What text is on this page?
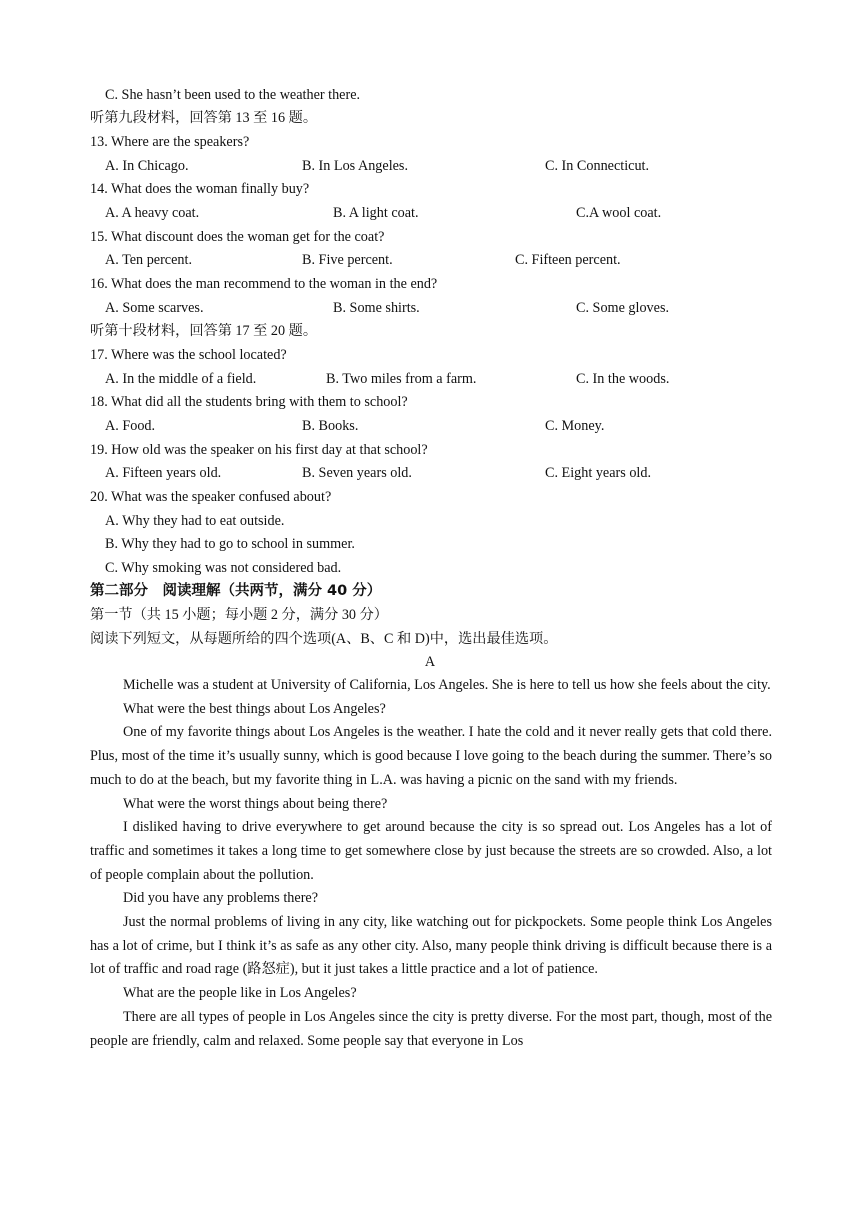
C. She hasn’t been used to the weather there.
听第九段材料，回答第 13 至 16 题。
13. Where are the speakers?
A. In Chicago.	B. In Los Angeles.	C. In Connecticut.
14. What does the woman finally buy?
A. A heavy coat.	B. A light coat.	C.A wool coat.
15. What discount does the woman get for the coat?
A. Ten percent.	B. Five percent.	C. Fifteen percent.
16. What does the man recommend to the woman in the end?
A. Some scarves.	B. Some shirts.	C. Some gloves.
听第十段材料，回答第 17 至 20 题。
17. Where was the school located?
A. In the middle of a field.	B. Two miles from a farm.	C. In the woods.
18. What did all the students bring with them to school?
A. Food.	B. Books.	C. Money.
19. How old was the speaker on his first day at that school?
A. Fifteen years old.	B. Seven years old.	C. Eight years old.
20. What was the speaker confused about?
A. Why they had to eat outside.
B. Why they had to go to school in summer.
C. Why smoking was not considered bad.
第二部分　阅读理解（共两节，满分 40 分）
第一节（共 15 小题；每小题 2 分，满分 30 分）
阅读下列短文，从每题所给的四个选项(A、B、C 和 D)中，选出最佳选项。
A

Michelle was a student at University of California, Los Angeles. She is here to tell us how she feels about the city.

What were the best things about Los Angeles?

One of my favorite things about Los Angeles is the weather. I hate the cold and it never really gets that cold there. Plus, most of the time it’s usually sunny, which is good because I love going to the beach during the summer. There’s so much to do at the beach, but my favorite thing in L.A. was having a picnic on the sand with my friends.

What were the worst things about being there?

I disliked having to drive everywhere to get around because the city is so spread out. Los Angeles has a lot of traffic and sometimes it takes a long time to get somewhere close by just because the streets are so crowded. Also, a lot of people complain about the pollution.

Did you have any problems there?

Just the normal problems of living in any city, like watching out for pickpockets. Some people think Los Angeles has a lot of crime, but I think it’s as safe as any other city. Also, many people think driving is difficult because there is a lot of traffic and road rage (路怒症), but it just takes a little practice and a lot of patience.

What are the people like in Los Angeles?

There are all types of people in Los Angeles since the city is pretty diverse. For the most part, though, most of the people are friendly, calm and relaxed. Some people say that everyone in Los
